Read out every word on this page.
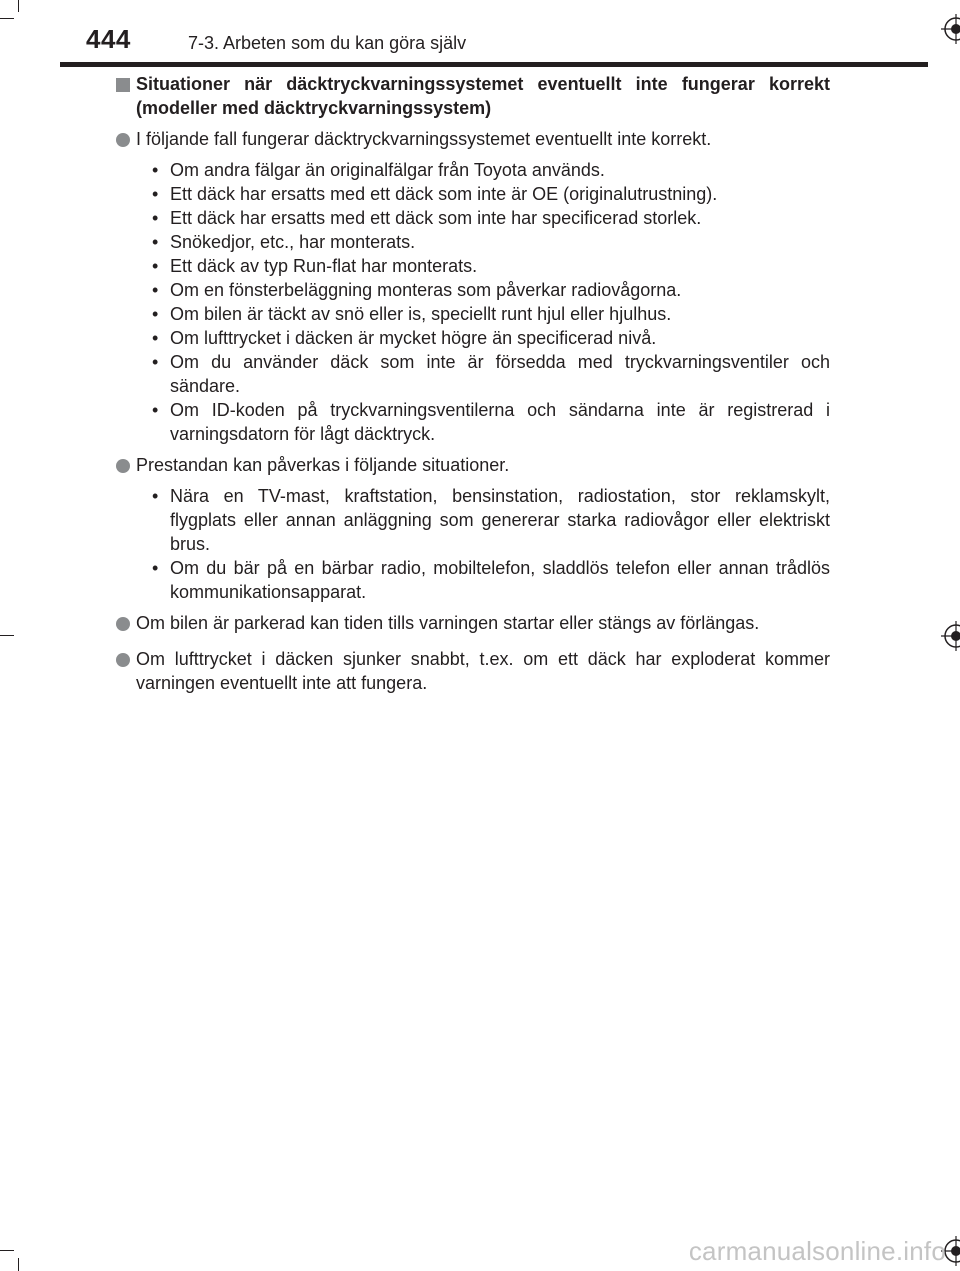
444	7-3. Arbeten som du kan göra själv
Situationer när däcktryckvarningssystemet eventuellt inte fungerar korrekt (modeller med däcktryckvarningssystem)
I följande fall fungerar däcktryckvarningssystemet eventuellt inte korrekt.
• Om andra fälgar än originalfälgar från Toyota används.
• Ett däck har ersatts med ett däck som inte är OE (originalutrustning).
• Ett däck har ersatts med ett däck som inte har specificerad storlek.
• Snökedjor, etc., har monterats.
• Ett däck av typ Run-flat har monterats.
• Om en fönsterbeläggning monteras som påverkar radiovågorna.
• Om bilen är täckt av snö eller is, speciellt runt hjul eller hjulhus.
• Om lufttrycket i däcken är mycket högre än specificerad nivå.
• Om du använder däck som inte är försedda med tryckvarningsventiler och sändare.
• Om ID-koden på tryckvarningsventilerna och sändarna inte är registrerad i varningsdatorn för lågt däcktryck.
Prestandan kan påverkas i följande situationer.
• Nära en TV-mast, kraftstation, bensinstation, radiostation, stor reklamskylt, flygplats eller annan anläggning som genererar starka radiovågor eller elektriskt brus.
• Om du bär på en bärbar radio, mobiltelefon, sladdlös telefon eller annan trådlös kommunikationsapparat.
Om bilen är parkerad kan tiden tills varningen startar eller stängs av förlängas.
Om lufttrycket i däcken sjunker snabbt, t.ex. om ett däck har exploderat kommer varningen eventuellt inte att fungera.
carmanualsonline.info
